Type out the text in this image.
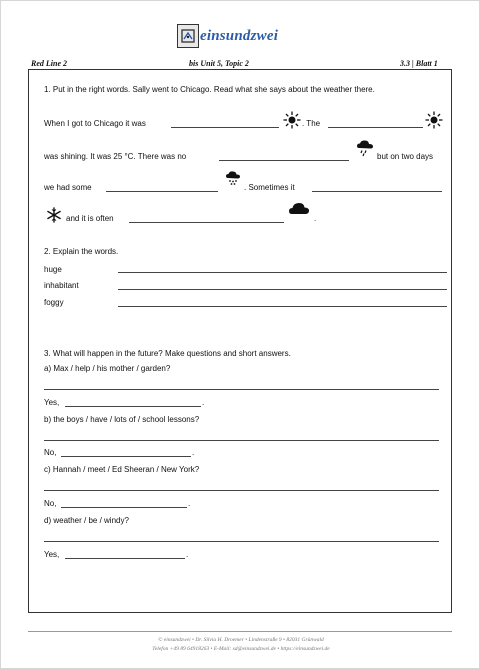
einsundzwei
Red Line 2	bis Unit 5, Topic 2	3.3 | Blatt 1
1. Put in the right words. Sally went to Chicago. Read what she says about the weather there.
When I got to Chicago it was	. The
was shining. It was 25 °C. There was no	but on two days
we had some	. Sometimes it
and it is often	.
2. Explain the words.
huge
inhabitant
foggy
3. What will happen in the future? Make questions and short answers.
a) Max / help / his mother / garden?
Yes,	.
b) the boys / have / lots of / school lessons?
No,	.
c) Hannah / meet / Ed Sheeran / New York?
No,	.
d) weather / be / windy?
Yes,	.
© einsundzwei • Dr. Silvia H. Droemer • Lindenstraße 9 • 82031 Grünwald
Telefon +49 89 64918263 • E-Mail: sd@einsundzwei.de • https://einsundzwei.de
